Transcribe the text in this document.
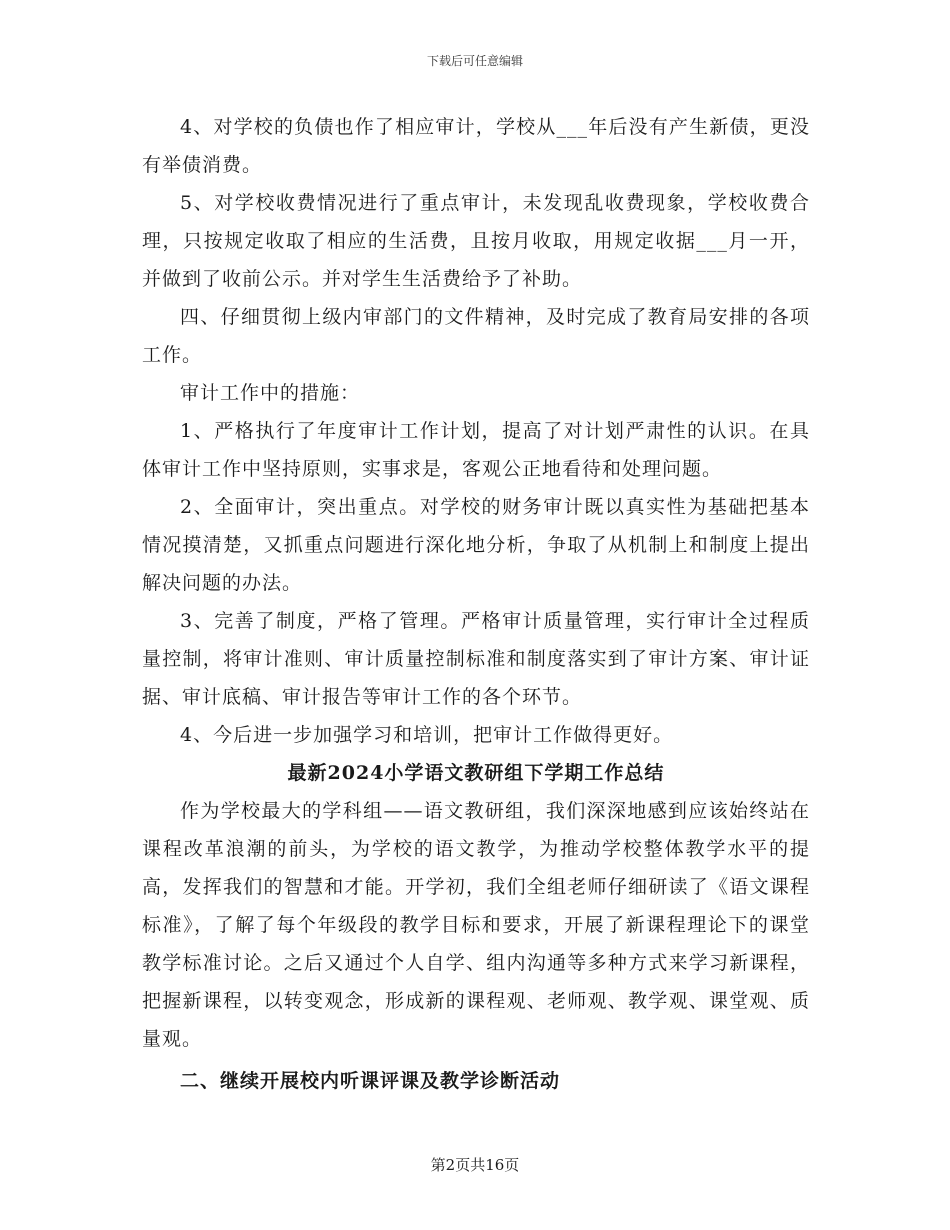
下载后可任意编辑

4、对学校的负债也作了相应审计，学校从___年后没有产生新债，更没有举债消费。

5、对学校收费情况进行了重点审计，未发现乱收费现象，学校收费合理，只按规定收取了相应的生活费，且按月收取，用规定收据___月一开，并做到了收前公示。并对学生生活费给予了补助。

四、仔细贯彻上级内审部门的文件精神，及时完成了教育局安排的各项工作。

审计工作中的措施：

1、严格执行了年度审计工作计划，提高了对计划严肃性的认识。在具体审计工作中坚持原则，实事求是，客观公正地看待和处理问题。

2、全面审计，突出重点。对学校的财务审计既以真实性为基础把基本情况摸清楚，又抓重点问题进行深化地分析，争取了从机制上和制度上提出解决问题的办法。

3、完善了制度，严格了管理。严格审计质量管理，实行审计全过程质量控制，将审计准则、审计质量控制标准和制度落实到了审计方案、审计证据、审计底稿、审计报告等审计工作的各个环节。

4、今后进一步加强学习和培训，把审计工作做得更好。

最新2024小学语文教研组下学期工作总结

作为学校最大的学科组——语文教研组，我们深深地感到应该始终站在课程改革浪潮的前头，为学校的语文教学，为推动学校整体教学水平的提高，发挥我们的智慧和才能。开学初，我们全组老师仔细研读了《语文课程标准》，了解了每个年级段的教学目标和要求，开展了新课程理论下的课堂教学标准讨论。之后又通过个人自学、组内沟通等多种方式来学习新课程，把握新课程，以转变观念，形成新的课程观、老师观、教学观、课堂观、质量观。

二、继续开展校内听课评课及教学诊断活动

第2页共16页
